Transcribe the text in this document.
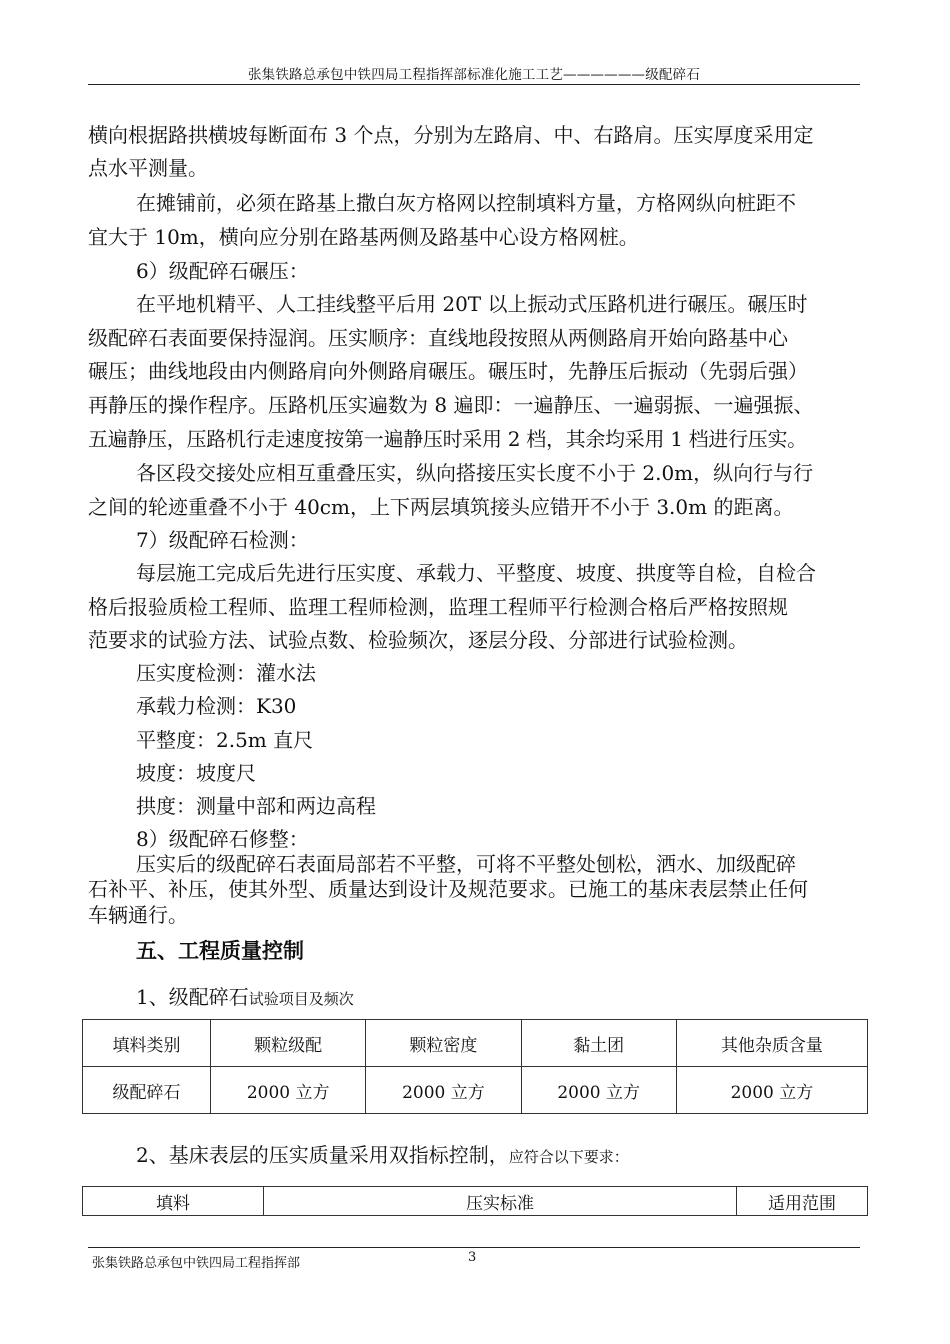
张集铁路总承包中铁四局工程指挥部标准化施工工艺——————级配碎石
横向根据路拱横坡每断面布 3 个点，分别为左路肩、中、右路肩。压实厚度采用定
点水平测量。
在摊铺前，必须在路基上撒白灰方格网以控制填料方量，方格网纵向桩距不
宜大于 10m，横向应分别在路基两侧及路基中心设方格网桩。
6）级配碎石碾压：
在平地机精平、人工挂线整平后用 20T 以上振动式压路机进行碾压。碾压时
级配碎石表面要保持湿润。压实顺序：直线地段按照从两侧路肩开始向路基中心
碾压；曲线地段由内侧路肩向外侧路肩碾压。碾压时，先静压后振动（先弱后强）
再静压的操作程序。压路机压实遍数为 8 遍即：一遍静压、一遍弱振、一遍强振、
五遍静压，压路机行走速度按第一遍静压时采用 2 档，其余均采用 1 档进行压实。
各区段交接处应相互重叠压实，纵向搭接压实长度不小于 2.0m，纵向行与行
之间的轮迹重叠不小于 40cm，上下两层填筑接头应错开不小于 3.0m 的距离。
7）级配碎石检测：
每层施工完成后先进行压实度、承载力、平整度、坡度、拱度等自检，自检合
格后报验质检工程师、监理工程师检测，监理工程师平行检测合格后严格按照规
范要求的试验方法、试验点数、检验频次，逐层分段、分部进行试验检测。
压实度检测：灌水法
承载力检测：K30
平整度：2.5m 直尺
坡度：坡度尺
拱度：测量中部和两边高程
8）级配碎石修整：
压实后的级配碎石表面局部若不平整，可将不平整处刨松，洒水、加级配碎
石补平、补压，使其外型、质量达到设计及规范要求。已施工的基床表层禁止任何
车辆通行。
五、工程质量控制
1、级配碎石试验项目及频次
填料类别	颗粒级配	颗粒密度	黏土团	其他杂质含量
级配碎石	2000 立方	2000 立方	2000 立方	2000 立方
2、基床表层的压实质量采用双指标控制，应符合以下要求：
填料	压实标准	适用范围
张集铁路总承包中铁四局工程指挥部	3
